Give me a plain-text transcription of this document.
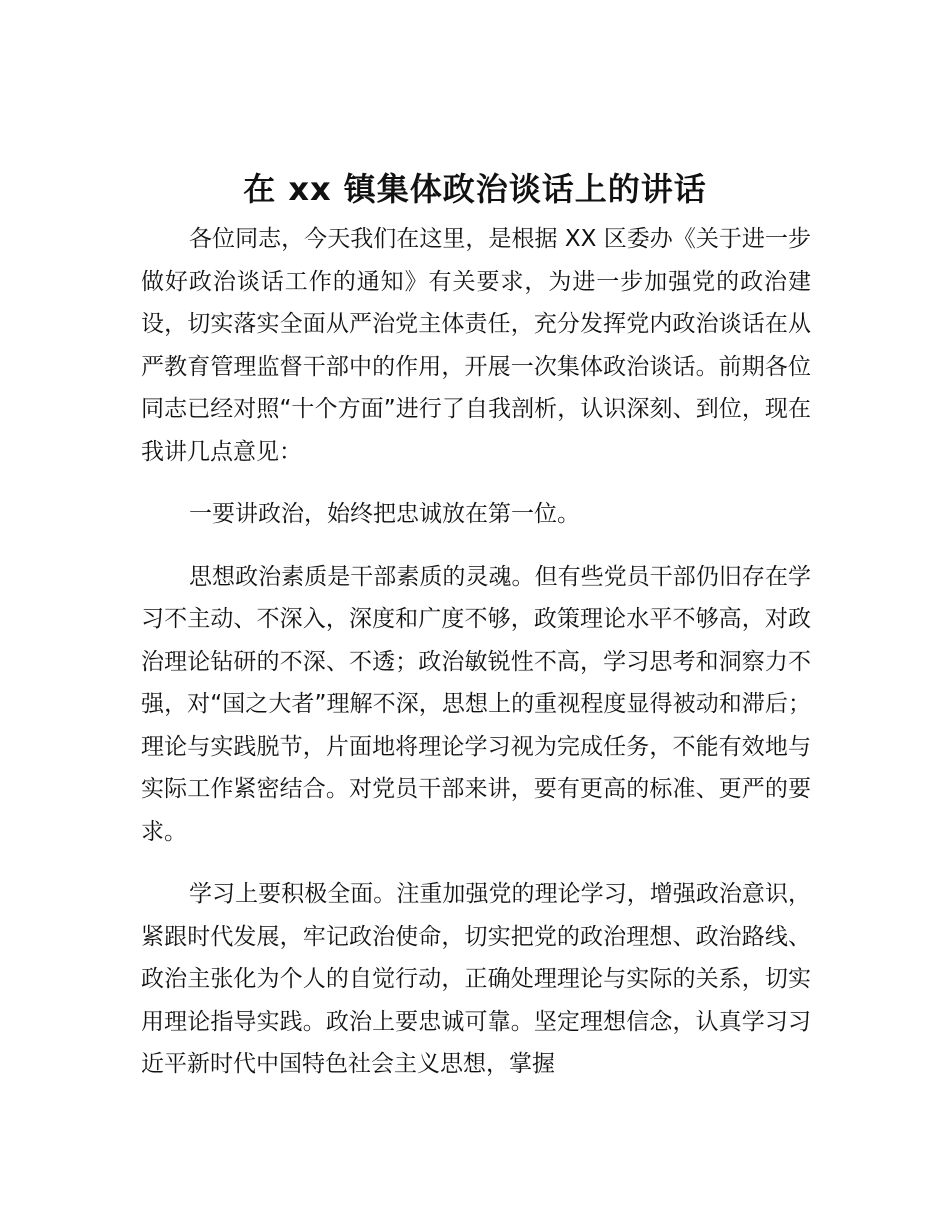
在 xx 镇集体政治谈话上的讲话

各位同志，今天我们在这里，是根据 XX 区委办《关于进一步做好政治谈话工作的通知》有关要求，为进一步加强党的政治建设，切实落实全面从严治党主体责任，充分发挥党内政治谈话在从严教育管理监督干部中的作用，开展一次集体政治谈话。前期各位同志已经对照“十个方面”进行了自我剖析，认识深刻、到位，现在我讲几点意见：

一要讲政治，始终把忠诚放在第一位。

思想政治素质是干部素质的灵魂。但有些党员干部仍旧存在学习不主动、不深入，深度和广度不够，政策理论水平不够高，对政治理论钻研的不深、不透；政治敏锐性不高，学习思考和洞察力不强，对“国之大者”理解不深，思想上的重视程度显得被动和滞后；理论与实践脱节，片面地将理论学习视为完成任务，不能有效地与实际工作紧密结合。对党员干部来讲，要有更高的标准、更严的要求。

学习上要积极全面。注重加强党的理论学习，增强政治意识，紧跟时代发展，牢记政治使命，切实把党的政治理想、政治路线、政治主张化为个人的自觉行动，正确处理理论与实际的关系，切实用理论指导实践。政治上要忠诚可靠。坚定理想信念，认真学习习近平新时代中国特色社会主义思想，掌握
